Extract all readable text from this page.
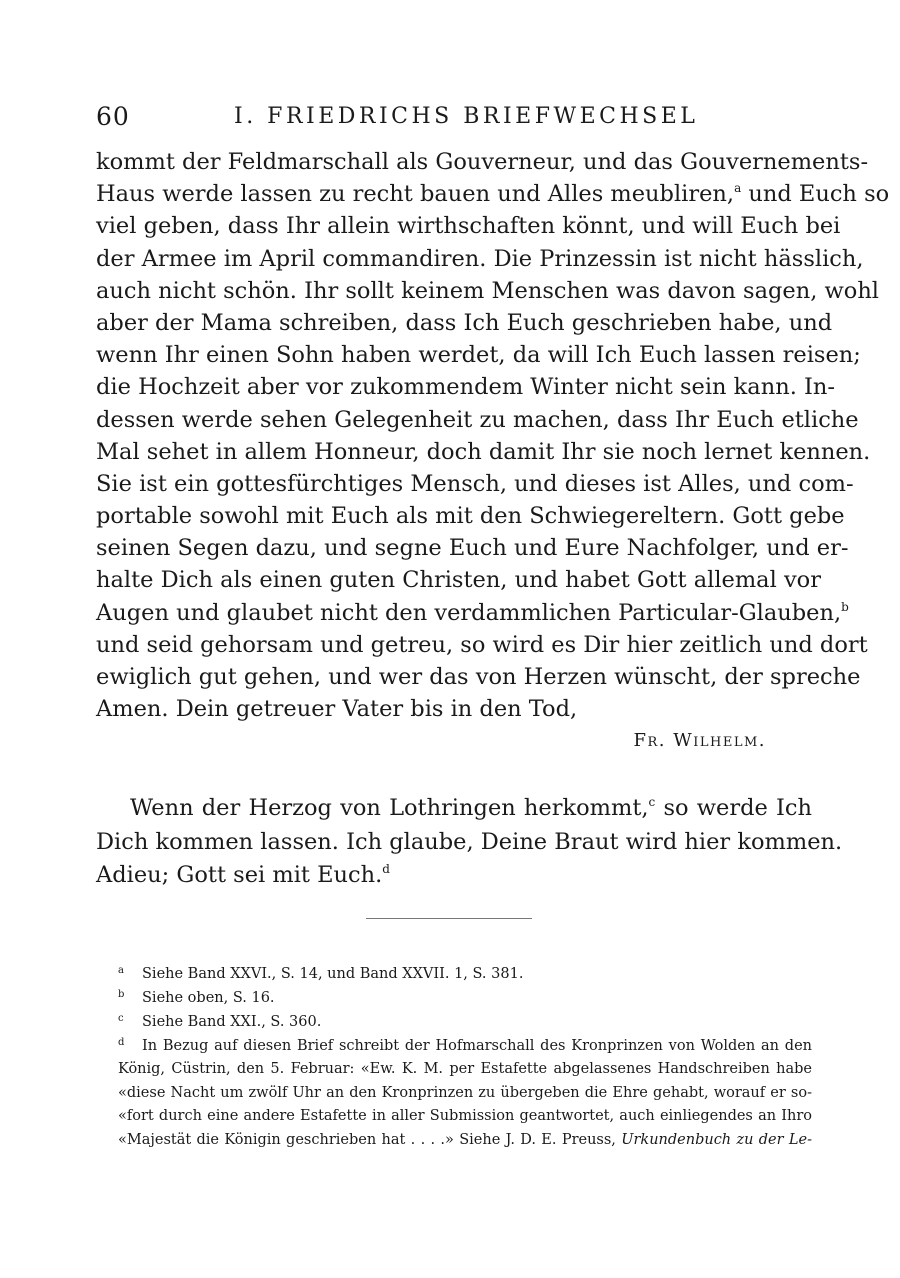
60	I. FRIEDRICHS BRIEFWECHSEL
kommt der Feldmarschall als Gouverneur, und das Gouvernements-
Haus werde lassen zu recht bauen und Alles meubliren,$^a$ und Euch so
viel geben, dass Ihr allein wirthschaften könnt, und will Euch bei
der Armee im April commandiren. Die Prinzessin ist nicht hässlich,
auch nicht schön. Ihr sollt keinem Menschen was davon sagen, wohl
aber der Mama schreiben, dass Ich Euch geschrieben habe, und
wenn Ihr einen Sohn haben werdet, da will Ich Euch lassen reisen;
die Hochzeit aber vor zukommendem Winter nicht sein kann. In-
dessen werde sehen Gelegenheit zu machen, dass Ihr Euch etliche
Mal sehet in allem Honneur, doch damit Ihr sie noch lernet kennen.
Sie ist ein gottesfürchtiges Mensch, und dieses ist Alles, und com-
portable sowohl mit Euch als mit den Schwiegereltern. Gott gebe
seinen Segen dazu, und segne Euch und Eure Nachfolger, und er-
halte Dich als einen guten Christen, und habet Gott allemal vor
Augen und glaubet nicht den verdammlichen Particular-Glauben,$^b$
und seid gehorsam und getreu, so wird es Dir hier zeitlich und dort
ewiglich gut gehen, und wer das von Herzen wünscht, der spreche
Amen. Dein getreuer Vater bis in den Tod,
Fr. Wilhelm.
Wenn der Herzog von Lothringen herkommt,$^c$ so werde Ich
Dich kommen lassen. Ich glaube, Deine Braut wird hier kommen.
Adieu; Gott sei mit Euch.$^d$
a Siehe Band XXVI., S. 14, und Band XXVII. 1, S. 381.
b Siehe oben, S. 16.
c Siehe Band XXI., S. 360.
d	In Bezug auf diesen Brief schreibt der Hofmarschall des Kronprinzen von Wolden an den
König, Cüstrin, den 5. Februar: «Ew. K. M. per Estafette abgelassenes Handschreiben habe
«diese Nacht um zwölf Uhr an den Kronprinzen zu übergeben die Ehre gehabt, worauf er so-
«fort durch eine andere Estafette in aller Submission geantwortet, auch einliegendes an Ihro
«Majestät die Königin geschrieben hat . . . .» Siehe J. D. E. Preuss, Urkundenbuch zu der Le-
